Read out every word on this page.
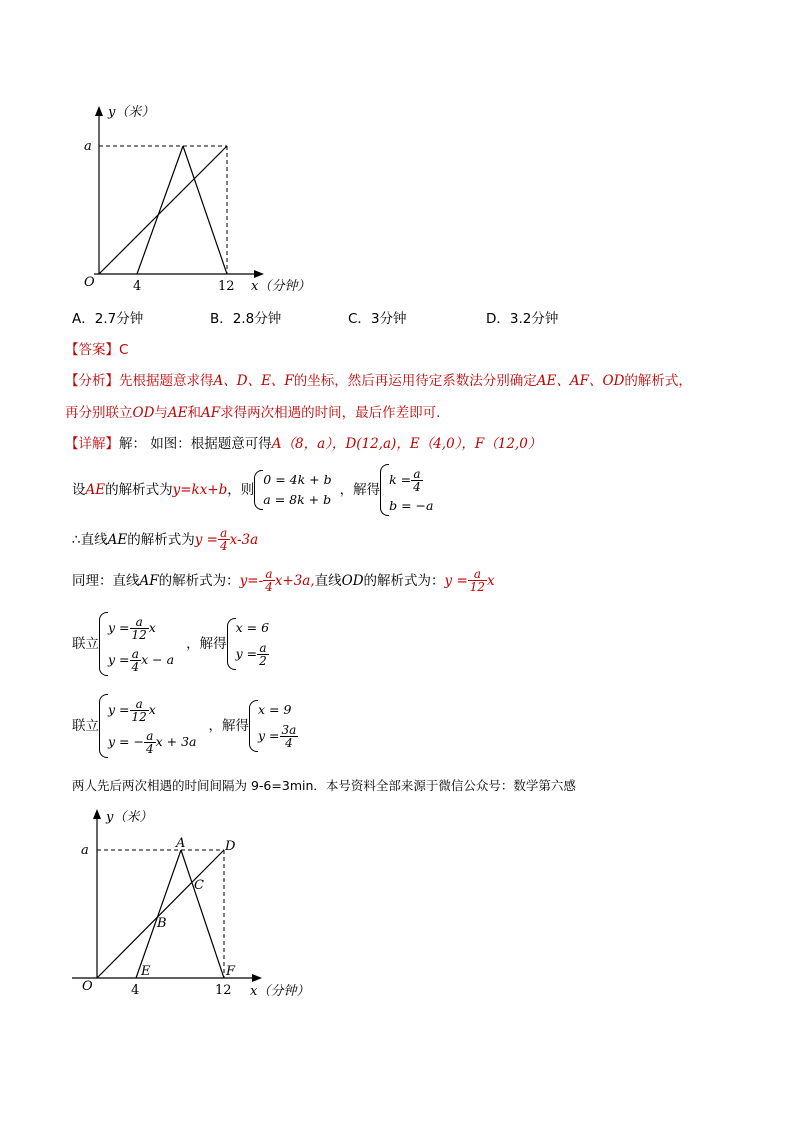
y（米）
a
O	4	12 x（分钟）
A．2.7分钟	B．2.8分钟	C．3分钟	D．3.2分钟
【答案】C
【分析】先根据题意求得A、D、E、F的坐标，然后再运用待定系数法分别确定AE、AF、OD的解析式，
再分别联立OD与AE和AF求得两次相遇的时间，最后作差即可.
【详解】解： 如图：根据题意可得A（8，a），D(12,a)，E（4,0），F（12,0）
设 AE 的解析式为 y=kx+b ，则
0 = 4k + b
a = 8k + b
，解得
$k = \frac{a}{4}$
b = −a
∴直线 AE 的解析式为 $y = \frac{a}{4} x-3a$
同理：直线 AF 的解析式为： $y=- \frac{a}{4} x+3a$, 直线 OD 的解析式为： $y = \frac{a}{12}$ x
联立
$y = \frac{a}{12}$ x
$y = \frac{a}{4}$ x − a
，解得
x = 6
$y = \frac{a}{2}$
联立
$y = \frac{a}{12}$ x
y = − $\frac{a}{4}$ x + 3a
，解得
x = 9
$y = \frac{3a}{4}$
两人先后两次相遇的时间间隔为 9-6=3min．本号资料全部来源于微信公众号：数学第六感
y（米）
a
O	4	12 x（分钟）
A	D
C
B
E	F
